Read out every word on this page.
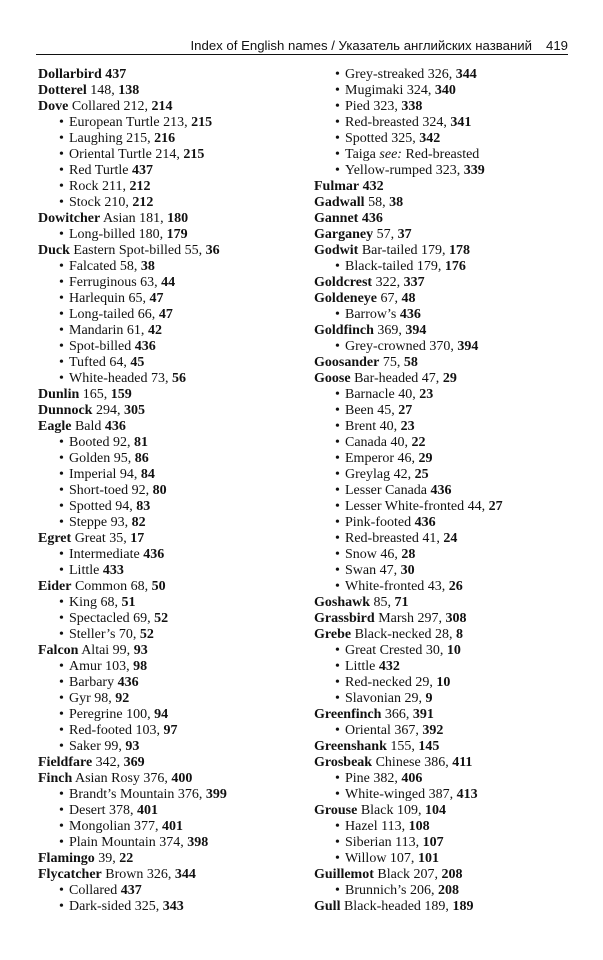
Index of English names / Указатель английских названий 419
Dollarbird 437
Dotterel 148, 138
Dove Collared 212, 214
• European Turtle 213, 215
• Laughing 215, 216
• Oriental Turtle 214, 215
• Red Turtle 437
• Rock 211, 212
• Stock 210, 212
Dowitcher Asian 181, 180
• Long-billed 180, 179
Duck Eastern Spot-billed 55, 36
• Falcated 58, 38
• Ferruginous 63, 44
• Harlequin 65, 47
• Long-tailed 66, 47
• Mandarin 61, 42
• Spot-billed 436
• Tufted 64, 45
• White-headed 73, 56
Dunlin 165, 159
Dunnock 294, 305
Eagle Bald 436
• Booted 92, 81
• Golden 95, 86
• Imperial 94, 84
• Short-toed 92, 80
• Spotted 94, 83
• Steppe 93, 82
Egret Great 35, 17
• Intermediate 436
• Little 433
Eider Common 68, 50
• King 68, 51
• Spectacled 69, 52
• Steller’s 70, 52
Falcon Altai 99, 93
• Amur 103, 98
• Barbary 436
• Gyr 98, 92
• Peregrine 100, 94
• Red-footed 103, 97
• Saker 99, 93
Fieldfare 342, 369
Finch Asian Rosy 376, 400
• Brandt’s Mountain 376, 399
• Desert 378, 401
• Mongolian 377, 401
• Plain Mountain 374, 398
Flamingo 39, 22
Flycatcher Brown 326, 344
• Collared 437
• Dark-sided 325, 343
• Grey-streaked 326, 344
• Mugimaki 324, 340
• Pied 323, 338
• Red-breasted 324, 341
• Spotted 325, 342
• Taiga see: Red-breasted
• Yellow-rumped 323, 339
Fulmar 432
Gadwall 58, 38
Gannet 436
Garganey 57, 37
Godwit Bar-tailed 179, 178
• Black-tailed 179, 176
Goldcrest 322, 337
Goldeneye 67, 48
• Barrow’s 436
Goldfinch 369, 394
• Grey-crowned 370, 394
Goosander 75, 58
Goose Bar-headed 47, 29
• Barnacle 40, 23
• Been 45, 27
• Brent 40, 23
• Canada 40, 22
• Emperor 46, 29
• Greylag 42, 25
• Lesser Canada 436
• Lesser White-fronted 44, 27
• Pink-footed 436
• Red-breasted 41, 24
• Snow 46, 28
• Swan 47, 30
• White-fronted 43, 26
Goshawk 85, 71
Grassbird Marsh 297, 308
Grebe Black-necked 28, 8
• Great Crested 30, 10
• Little 432
• Red-necked 29, 10
• Slavonian 29, 9
Greenfinch 366, 391
• Oriental 367, 392
Greenshank 155, 145
Grosbeak Chinese 386, 411
• Pine 382, 406
• White-winged 387, 413
Grouse Black 109, 104
• Hazel 113, 108
• Siberian 113, 107
• Willow 107, 101
Guillemot Black 207, 208
• Brunnich’s 206, 208
Gull Black-headed 189, 189
